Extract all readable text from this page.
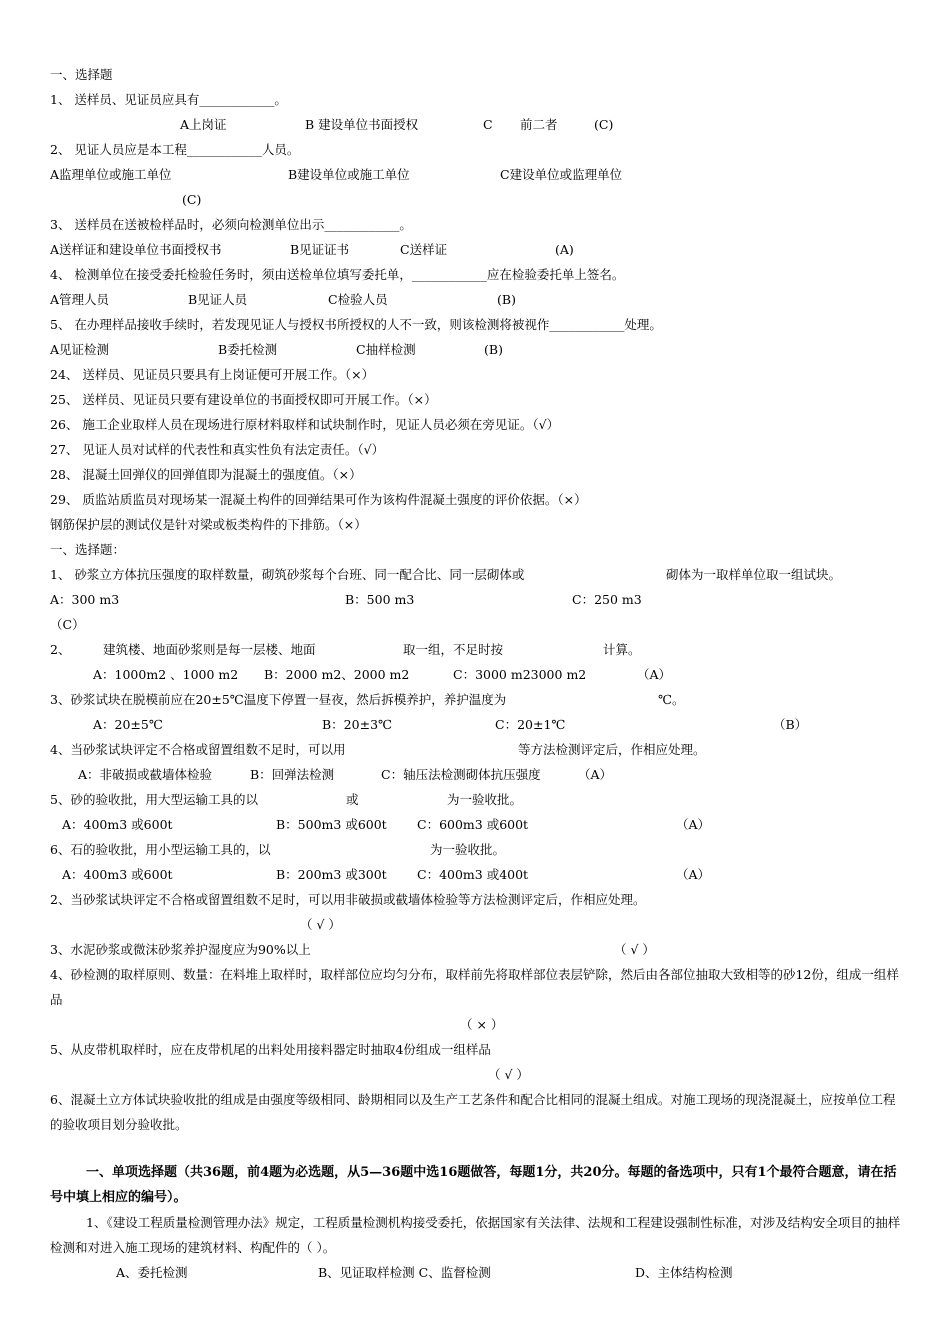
一、选择题
1、 送样员、见证员应具有____________。
A上岗证	B 建设单位书面授权	C 前二者	(C)
2、 见证人员应是本工程____________人员。
A监理单位或施工单位	B建设单位或施工单位	C建设单位或监理单位
(C)
3、 送样员在送被检样品时，必须向检测单位出示____________。
A送样证和建设单位书面授权书	B见证证书	C送样证	(A)
4、 检测单位在接受委托检验任务时，须由送检单位填写委托单，____________应在检验委托单上签名。
A管理人员	B见证人员	C检验人员	(B)
5、 在办理样品接收手续时，若发现见证人与授权书所授权的人不一致，则该检测将被视作____________处理。
A见证检测	B委托检测	C抽样检测	(B)
24、 送样员、见证员只要具有上岗证便可开展工作。（×）
25、 送样员、见证员只要有建设单位的书面授权即可开展工作。（×）
26、 施工企业取样人员在现场进行原材料取样和试块制作时，见证人员必须在旁见证。（√）
27、 见证人员对试样的代表性和真实性负有法定责任。（√）
28、 混凝土回弹仪的回弹值即为混凝土的强度值。（×）
29、 质监站质监员对现场某一混凝土构件的回弹结果可作为该构件混凝土强度的评价依据。（×）
钢筋保护层的测试仪是针对梁或板类构件的下排筋。（×）
一、选择题：
1、 砂浆立方体抗压强度的取样数量，砌筑砂浆每个台班、同一配合比、同一层砌体或	砌体为一取样单位取一组试块。
A：300 m3	B：500 m3	C：250 m3
（C）
2、	建筑楼、地面砂浆则是每一层楼、地面	取一组，不足时按	计算。
A：1000m2 、1000 m2 B：2000 m2、2000 m2	C：3000 m23000 m2	（A）
3、砂浆试块在脱模前应在20±5℃温度下停置一昼夜，然后拆模养护，养护温度为	℃。
A：20±5℃	B：20±3℃	C：20±1℃	（B）
4、当砂浆试块评定不合格或留置组数不足时，可以用	等方法检测评定后，作相应处理。
A：非破损或截墙体检验	B：回弹法检测	C：轴压法检测砌体抗压强度	（A）
5、砂的验收批，用大型运输工具的以	或	为一验收批。
A：400m3 或600t	B：500m3 或600t C：600m3 或600t	（A）
6、石的验收批，用小型运输工具的，以	为一验收批。
A：400m3 或600t	B：200m3 或300t C：400m3 或400t	（A）
2、当砂浆试块评定不合格或留置组数不足时，可以用非破损或截墙体检验等方法检测评定后，作相应处理。
（ √ ）
3、水泥砂浆或微沫砂浆养护湿度应为90%以上	（ √ ）
（ × ）
5、从皮带机取样时，应在皮带机尾的出料处用接料器定时抽取4份组成一组样品
（ √ ）
A、委托检测	B、见证取样检测 C、监督检测	D、主体结构检测
4、砂检测的取样原则、数量：在料堆上取样时，取样部位应均匀分布，取样前先将取样部位表层铲除，然后由各部位抽取大致相等的砂12份，组成一组样品
6、混凝土立方体试块验收批的组成是由强度等级相同、龄期相同以及生产工艺条件和配合比相同的混凝土组成。对施工现场的现浇混凝土，应按单位工程的验收项目划分验收批。
一、单项选择题（共36题，前4题为必选题，从5—36题中选16题做答，每题1分，共20分。每题的备选项中，只有1个最符合题意，请在括号中填上相应的编号）。
1、《建设工程质量检测管理办法》规定，工程质量检测机构接受委托，依据国家有关法律、法规和工程建设强制性标准，对涉及结构安全项目的抽样检测和对进入施工现场的建筑材料、构配件的（ ）。
